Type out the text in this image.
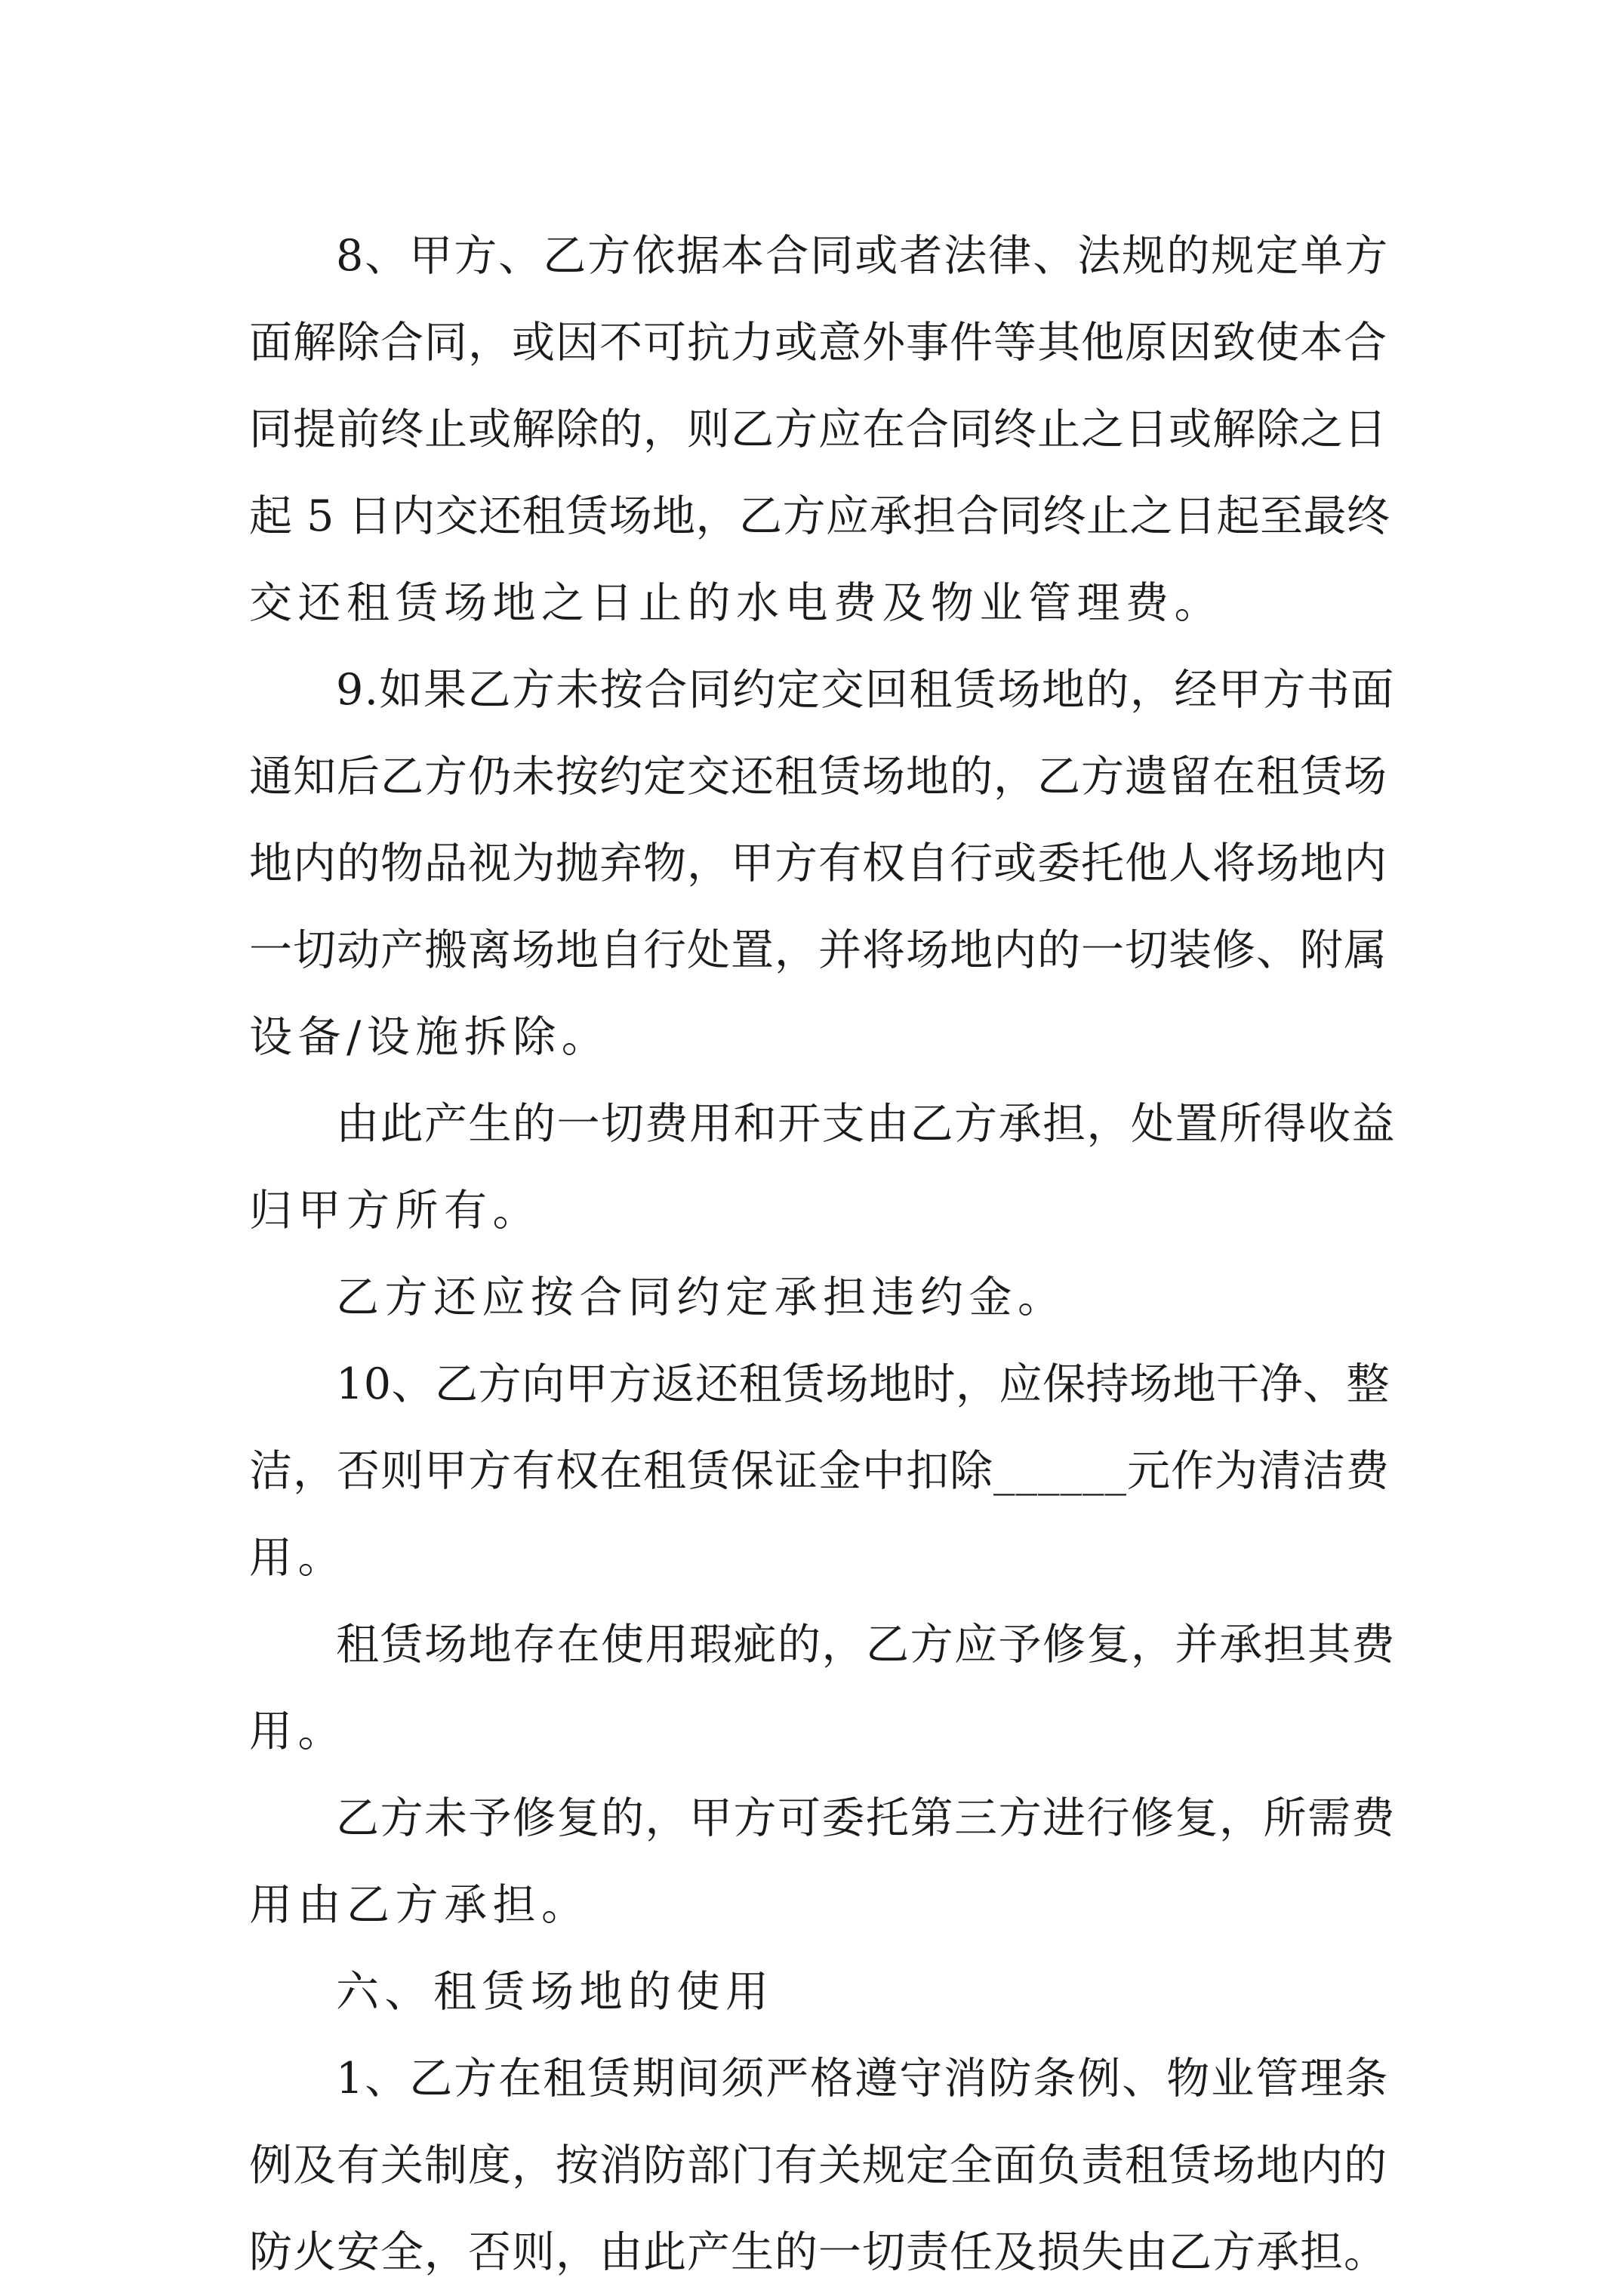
8、甲方、乙方依据本合同或者法律、法规的规定单方
面解除合同，或因不可抗力或意外事件等其他原因致使本合
同提前终止或解除的，则乙方应在合同终止之日或解除之日
起 5 日内交还租赁场地，乙方应承担合同终止之日起至最终
交还租赁场地之日止的水电费及物业管理费。
9.如果乙方未按合同约定交回租赁场地的，经甲方书面
通知后乙方仍未按约定交还租赁场地的，乙方遗留在租赁场
地内的物品视为抛弃物，甲方有权自行或委托他人将场地内
一切动产搬离场地自行处置，并将场地内的一切装修、附属
设备/设施拆除。
由此产生的一切费用和开支由乙方承担，处置所得收益
归甲方所有。
乙方还应按合同约定承担违约金。
10、乙方向甲方返还租赁场地时，应保持场地干净、整
洁，否则甲方有权在租赁保证金中扣除______元作为清洁费
用。
租赁场地存在使用瑕疵的，乙方应予修复，并承担其费
用。
乙方未予修复的，甲方可委托第三方进行修复，所需费
用由乙方承担。
六、租赁场地的使用
1、乙方在租赁期间须严格遵守消防条例、物业管理条
例及有关制度，按消防部门有关规定全面负责租赁场地内的
防火安全，否则，由此产生的一切责任及损失由乙方承担。
